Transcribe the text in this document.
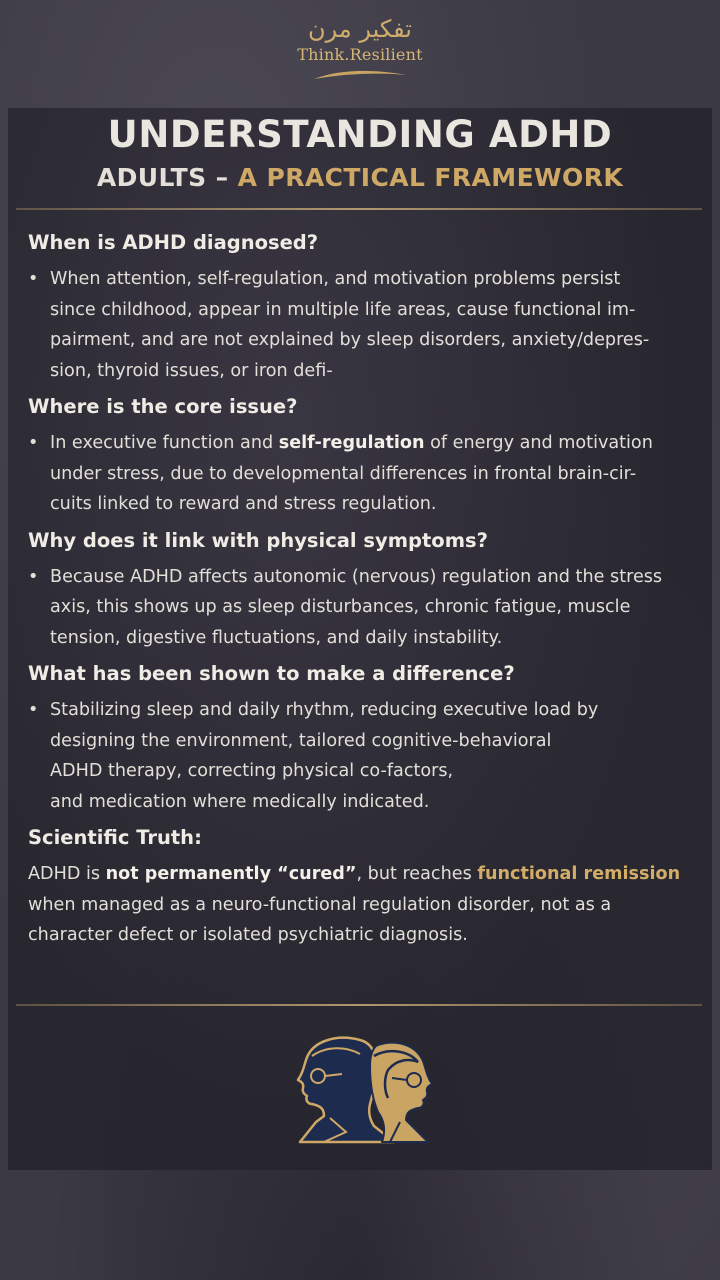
تفكير مرن
Think.Resilient
UNDERSTANDING ADHD
ADULTS – A PRACTICAL FRAMEWORK

When is ADHD diagnosed?

• When attention, self-regulation, and motivation problems persist
since childhood, appear in multiple life areas, cause functional im-
pairment, and are not explained by sleep disorders, anxiety/depres-
sion, thyroid issues, or iron defi-

Where is the core issue?

• In executive function and self-regulation of energy and motivation
under stress, due to developmental differences in frontal brain-cir-
cuits linked to reward and stress regulation.

Why does it link with physical symptoms?

• Because ADHD affects autonomic (nervous) regulation and the stress
axis, this shows up as sleep disturbances, chronic fatigue, muscle
tension, digestive fluctuations, and daily instability.

What has been shown to make a difference?

• Stabilizing sleep and daily rhythm, reducing executive load by
designing the environment, tailored cognitive-behavioral
ADHD therapy, correcting physical co-factors,
and medication where medically indicated.

Scientific Truth:

ADHD is not permanently “cured”, but reaches functional remission
when managed as a neuro-functional regulation disorder, not as a
character defect or isolated psychiatric diagnosis.
